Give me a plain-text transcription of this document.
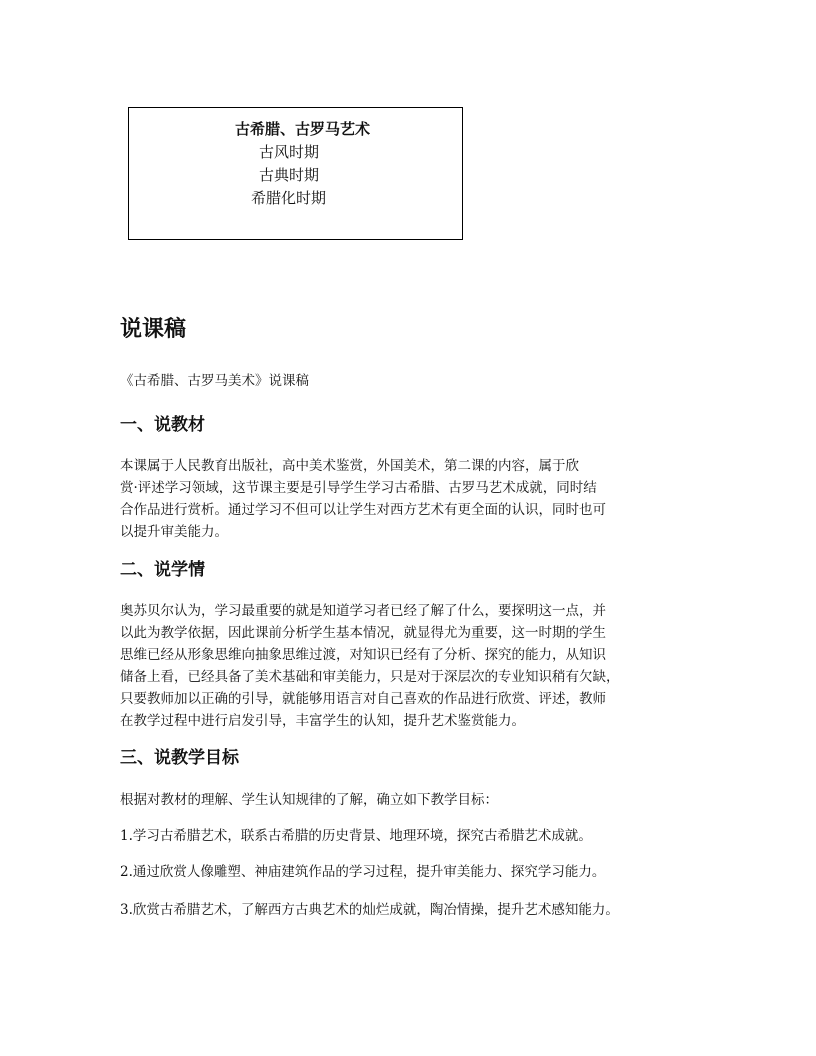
古希腊、古罗马艺术
古风时期
古典时期
希腊化时期
说课稿
《古希腊、古罗马美术》说课稿
一、说教材

本课属于人民教育出版社，高中美术鉴赏，外国美术，第二课的内容，属于欣
赏·评述学习领域，这节课主要是引导学生学习古希腊、古罗马艺术成就，同时结
合作品进行赏析。通过学习不但可以让学生对西方艺术有更全面的认识，同时也可
以提升审美能力。

二、说学情

奥苏贝尔认为，学习最重要的就是知道学习者已经了解了什么，要探明这一点，并
以此为教学依据，因此课前分析学生基本情况，就显得尤为重要，这一时期的学生
思维已经从形象思维向抽象思维过渡，对知识已经有了分析、探究的能力，从知识
储备上看，已经具备了美术基础和审美能力，只是对于深层次的专业知识稍有欠缺，
只要教师加以正确的引导，就能够用语言对自己喜欢的作品进行欣赏、评述，教师
在教学过程中进行启发引导，丰富学生的认知，提升艺术鉴赏能力。

三、说教学目标

根据对教材的理解、学生认知规律的了解，确立如下教学目标：

1.学习古希腊艺术，联系古希腊的历史背景、地理环境，探究古希腊艺术成就。

2.通过欣赏人像雕塑、神庙建筑作品的学习过程，提升审美能力、探究学习能力。

3.欣赏古希腊艺术，了解西方古典艺术的灿烂成就，陶冶情操，提升艺术感知能力。
